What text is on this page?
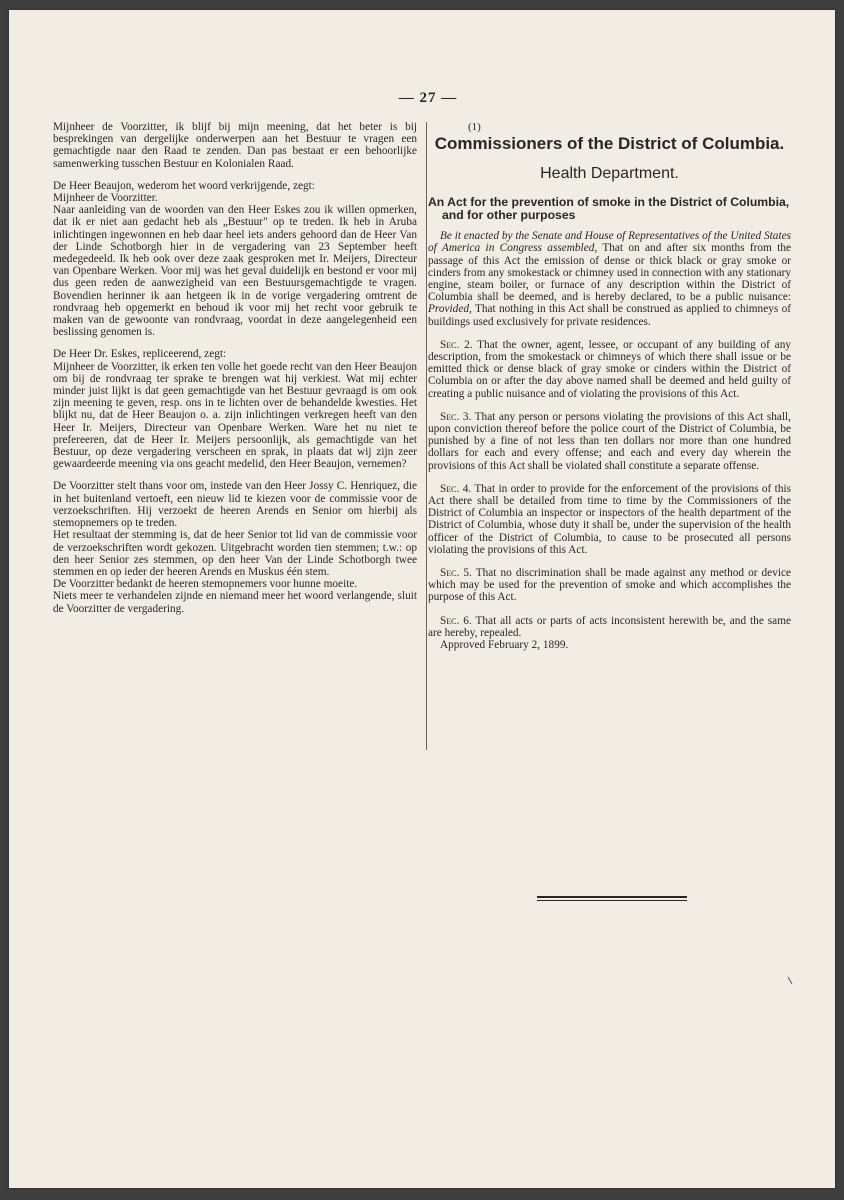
— 27 —

Mijnheer de Voorzitter, ik blijf bij mijn meening, dat het beter is bij besprekingen van dergelijke onderwerpen aan het Bestuur te vragen een gemachtigde naar den Raad te zenden. Dan pas bestaat er een behoorlijke samenwerking tusschen Bestuur en Kolonialen Raad.

De Heer Beaujon, wederom het woord verkrijgende, zegt:

Mijnheer de Voorzitter.

Naar aanleiding van de woorden van den Heer Eskes zou ik willen opmerken, dat ik er niet aan gedacht heb als „Bestuur" op te treden. Ik heb in Aruba inlichtingen ingewonnen en heb daar heel iets anders gehoord dan de Heer Van der Linde Schotborgh hier in de vergadering van 23 September heeft medegedeeld. Ik heb ook over deze zaak gesproken met Ir. Meijers, Directeur van Openbare Werken. Voor mij was het geval duidelijk en bestond er voor mij dus geen reden de aanwezigheid van een Bestuursgemachtigde te vragen. Bovendien herinner ik aan hetgeen ik in de vorige vergadering omtrent de rondvraag heb opgemerkt en behoud ik voor mij het recht voor gebruik te maken van de gewoonte van rondvraag, voordat in deze aangelegenheid een beslissing genomen is.

De Heer Dr. Eskes, repliceerend, zegt:

Mijnheer de Voorzitter, ik erken ten volle het goede recht van den Heer Beaujon om bij de rondvraag ter sprake te brengen wat hij verkiest. Wat mij echter minder juist lijkt is dat geen gemachtigde van het Bestuur gevraagd is om ook zijn meening te geven, resp. ons in te lichten over de behandelde kwesties. Het blijkt nu, dat de Heer Beaujon o. a. zijn inlichtingen verkregen heeft van den Heer Ir. Meijers, Directeur van Openbare Werken. Ware het nu niet te prefereeren, dat de Heer Ir. Meijers persoonlijk, als gemachtigde van het Bestuur, op deze vergadering verscheen en sprak, in plaats dat wij zijn zeer gewaardeerde meening via ons geacht medelid, den Heer Beaujon, vernemen?

De Voorzitter stelt thans voor om, instede van den Heer Jossy C. Henriquez, die in het buitenland vertoeft, een nieuw lid te kiezen voor de commissie voor de verzoekschriften. Hij verzoekt de heeren Arends en Senior om hierbij als stemopnemers op te treden.

Het resultaat der stemming is, dat de heer Senior tot lid van de commissie voor de verzoekschriften wordt gekozen. Uitgebracht worden tien stemmen; t.w.: op den heer Senior zes stemmen, op den heer Van der Linde Schotborgh twee stemmen en op ieder der heeren Arends en Muskus één stem.

De Voorzitter bedankt de heeren stemopnemers voor hunne moeite.

Niets meer te verhandelen zijnde en niemand meer het woord verlangende, sluit de Voorzitter de vergadering.

(1)
Commissioners of the District of Columbia.
Health Department.
An Act for the prevention of smoke in the District of Columbia, and for other purposes

Be it enacted by the Senate and House of Representatives of the United States of America in Congress assembled, That on and after six months from the passage of this Act the emission of dense or thick black or gray smoke or cinders from any smokestack or chimney used in connection with any stationary engine, steam boiler, or furnace of any description within the District of Columbia shall be deemed, and is hereby declared, to be a public nuisance: Provided, That nothing in this Act shall be construed as applied to chimneys of buildings used exclusively for private residences.

Sec. 2. That the owner, agent, lessee, or occupant of any building of any description, from the smokestack or chimneys of which there shall issue or be emitted thick or dense black of gray smoke or cinders within the District of Columbia on or after the day above named shall be deemed and held guilty of creating a public nuisance and of violating the provisions of this Act.

Sec. 3. That any person or persons violating the provisions of this Act shall, upon conviction thereof before the police court of the District of Columbia, be punished by a fine of not less than ten dollars nor more than one hundred dollars for each and every offense; and each and every day wherein the provisions of this Act shall be violated shall constitute a separate offense.

Sec. 4. That in order to provide for the enforcement of the provisions of this Act there shall be detailed from time to time by the Commissioners of the District of Columbia an inspector or inspectors of the health department of the District of Columbia, whose duty it shall be, under the supervision of the health officer of the District of Columbia, to cause to be prosecuted all persons violating the provisions of this Act.

Sec. 5. That no discrimination shall be made against any method or device which may be used for the prevention of smoke and which accomplishes the purpose of this Act.

Sec. 6. That all acts or parts of acts inconsistent herewith be, and the same are hereby, repealed.

Approved February 2, 1899.
